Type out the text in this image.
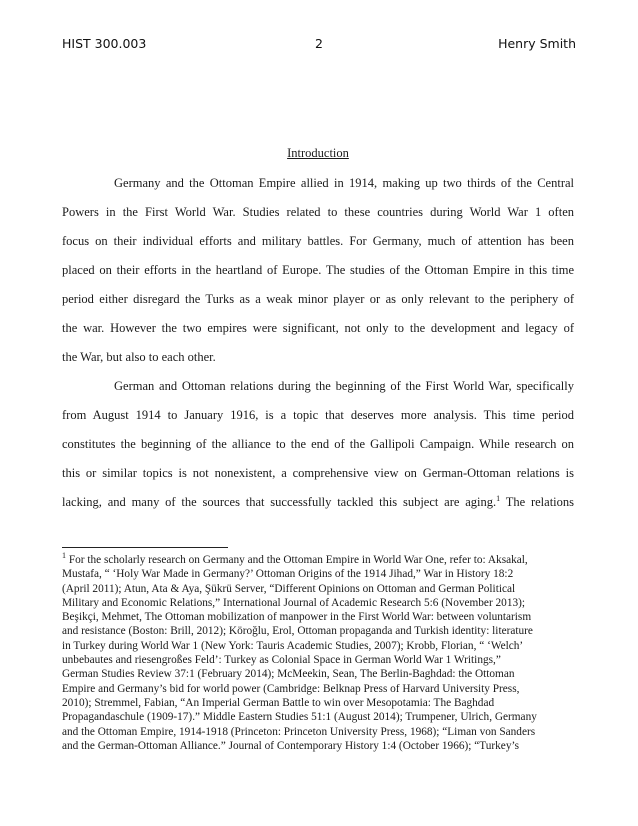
HIST 300.003	2	Henry Smith
Introduction
Germany and the Ottoman Empire allied in 1914, making up two thirds of the Central
Powers in the First World War. Studies related to these countries during World War 1 often
focus on their individual efforts and military battles. For Germany, much of attention has been
placed on their efforts in the heartland of Europe. The studies of the Ottoman Empire in this time
period either disregard the Turks as a weak minor player or as only relevant to the periphery of
the war. However the two empires were significant, not only to the development and legacy of
the War, but also to each other.
German and Ottoman relations during the beginning of the First World War, specifically
from August 1914 to January 1916, is a topic that deserves more analysis. This time period
constitutes the beginning of the alliance to the end of the Gallipoli Campaign. While research on
this or similar topics is not nonexistent, a comprehensive view on German-Ottoman relations is
lacking, and many of the sources that successfully tackled this subject are aging.$^1$ The relations
$^1$ For the scholarly research on Germany and the Ottoman Empire in World War One, refer to: Aksakal,
Mustafa, “ ‘Holy War Made in Germany?’ Ottoman Origins of the 1914 Jihad,” War in History 18:2
(April 2011); Atun, Ata & Aya, Şükrü Server, “Different Opinions on Ottoman and German Political
Military and Economic Relations,” International Journal of Academic Research 5:6 (November 2013);
Beşikçi, Mehmet, The Ottoman mobilization of manpower in the First World War: between voluntarism
and resistance (Boston: Brill, 2012); Köroğlu, Erol, Ottoman propaganda and Turkish identity: literature
in Turkey during World War 1 (New York: Tauris Academic Studies, 2007); Krobb, Florian, “ ‘Welch’
unbebautes and riesengroßes Feld’: Turkey as Colonial Space in German World War 1 Writings,”
German Studies Review 37:1 (February 2014); McMeekin, Sean, The Berlin-Baghdad: the Ottoman
Empire and Germany’s bid for world power (Cambridge: Belknap Press of Harvard University Press,
2010); Stremmel, Fabian, “An Imperial German Battle to win over Mesopotamia: The Baghdad
Propagandaschule (1909-17).” Middle Eastern Studies 51:1 (August 2014); Trumpener, Ulrich, Germany
and the Ottoman Empire, 1914-1918 (Princeton: Princeton University Press, 1968); “Liman von Sanders
and the German-Ottoman Alliance.” Journal of Contemporary History 1:4 (October 1966); “Turkey’s
